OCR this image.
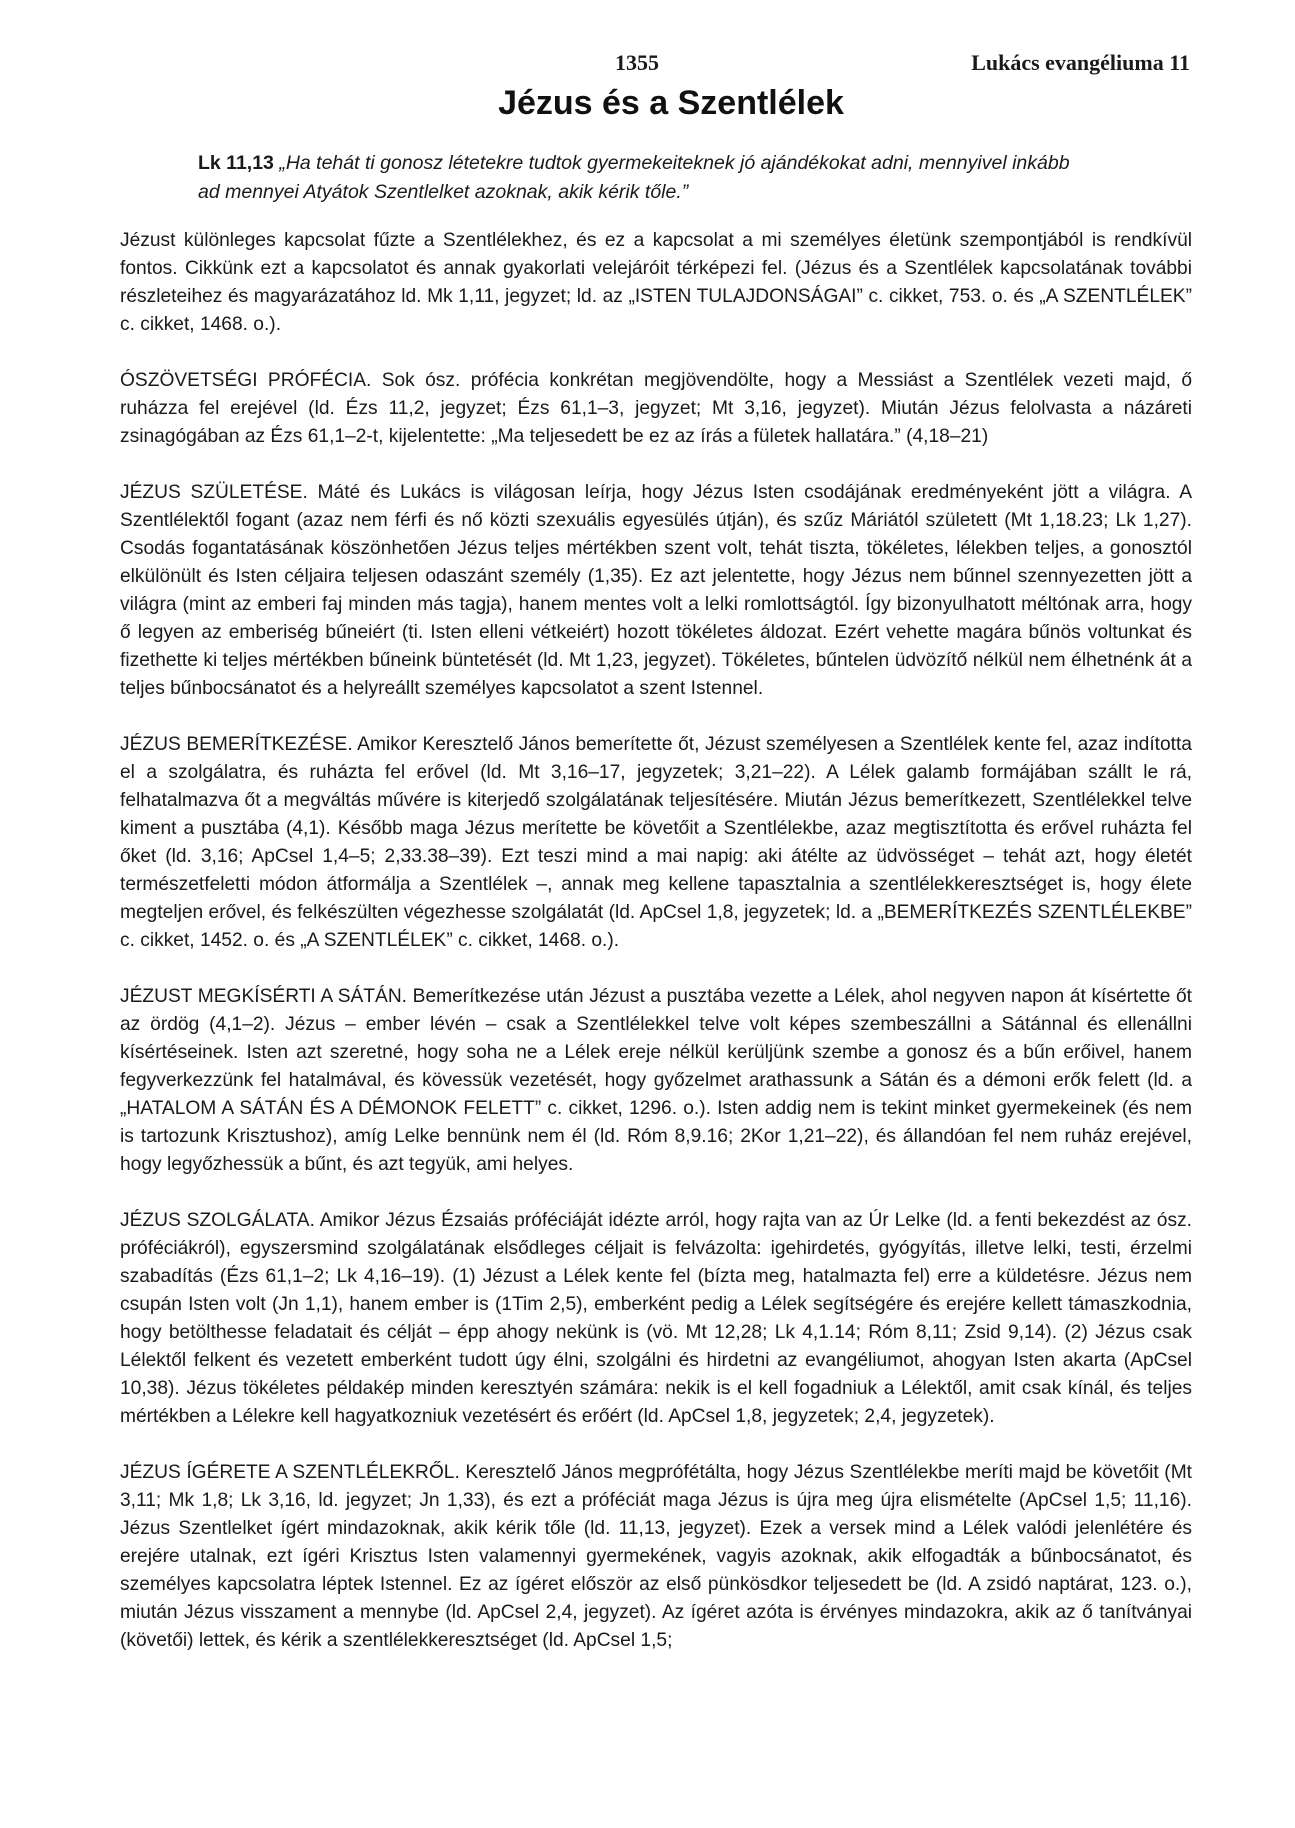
1355	Lukács evangéliuma 11
Jézus és a Szentlélek
Lk 11,13 „Ha tehát ti gonosz létetekre tudtok gyermekeiteknek jó ajándékokat adni, mennyivel inkább ad mennyei Atyátok Szentlelket azoknak, akik kérik tőle.”

Jézust különleges kapcsolat fűzte a Szentlélekhez, és ez a kapcsolat a mi személyes életünk szempontjából is rendkívül fontos. Cikkünk ezt a kapcsolatot és annak gyakorlati velejáróit térképezi fel. (Jézus és a Szentlélek kapcsolatának további részleteihez és magyarázatához ld. Mk 1,11, jegyzet; ld. az „ISTEN TULAJDONSÁGAI” c. cikket, 753. o. és „A SZENTLÉLEK” c. cikket, 1468. o.).

ÓSZÖVETSÉGI PRÓFÉCIA. Sok ósz. prófécia konkrétan megjövendölte, hogy a Messiást a Szentlélek vezeti majd, ő ruházza fel erejével (ld. Ézs 11,2, jegyzet; Ézs 61,1–3, jegyzet; Mt 3,16, jegyzet). Miután Jézus felolvasta a názáreti zsinagógában az Ézs 61,1–2-t, kijelentette: „Ma teljesedett be ez az írás a fületek hallatára.” (4,18–21)

JÉZUS SZÜLETÉSE. Máté és Lukács is világosan leírja, hogy Jézus Isten csodájának eredményeként jött a világra. A Szentlélektől fogant (azaz nem férfi és nő közti szexuális egyesülés útján), és szűz Máriától született (Mt 1,18.23; Lk 1,27). Csodás fogantatásának köszönhetően Jézus teljes mértékben szent volt, tehát tiszta, tökéletes, lélekben teljes, a gonosztól elkülönült és Isten céljaira teljesen odaszánt személy (1,35). Ez azt jelentette, hogy Jézus nem bűnnel szennyezetten jött a világra (mint az emberi faj minden más tagja), hanem mentes volt a lelki romlottságtól. Így bizonyulhatott méltónak arra, hogy ő legyen az emberiség bűneiért (ti. Isten elleni vétkeiért) hozott tökéletes áldozat. Ezért vehette magára bűnös voltunkat és fizethette ki teljes mértékben bűneink büntetését (ld. Mt 1,23, jegyzet). Tökéletes, bűntelen üdvözítő nélkül nem élhetnénk át a teljes bűnbocsánatot és a helyreállt személyes kapcsolatot a szent Istennel.

JÉZUS BEMERÍTKEZÉSE. Amikor Keresztelő János bemerítette őt, Jézust személyesen a Szentlélek kente fel, azaz indította el a szolgálatra, és ruházta fel erővel (ld. Mt 3,16–17, jegyzetek; 3,21–22). A Lélek galamb formájában szállt le rá, felhatalmazva őt a megváltás művére is kiterjedő szolgálatának teljesítésére. Miután Jézus bemerítkezett, Szentlélekkel telve kiment a pusztába (4,1). Később maga Jézus merítette be követőit a Szentlélekbe, azaz megtisztította és erővel ruházta fel őket (ld. 3,16; ApCsel 1,4–5; 2,33.38–39). Ezt teszi mind a mai napig: aki átélte az üdvösséget – tehát azt, hogy életét természetfeletti módon átformálja a Szentlélek –, annak meg kellene tapasztalnia a szentlélekkeresztséget is, hogy élete megteljen erővel, és felkészülten végezhesse szolgálatát (ld. ApCsel 1,8, jegyzetek; ld. a „BEMERÍTKEZÉS SZENTLÉLEKBE” c. cikket, 1452. o. és „A SZENTLÉLEK” c. cikket, 1468. o.).

JÉZUST MEGKÍSÉRTI A SÁTÁN. Bemerítkezése után Jézust a pusztába vezette a Lélek, ahol negyven napon át kísértette őt az ördög (4,1–2). Jézus – ember lévén – csak a Szentlélekkel telve volt képes szembeszállni a Sátánnal és ellenállni kísértéseinek. Isten azt szeretné, hogy soha ne a Lélek ereje nélkül kerüljünk szembe a gonosz és a bűn erőivel, hanem fegyverkezzünk fel hatalmával, és kövessük vezetését, hogy győzelmet arathassunk a Sátán és a démoni erők felett (ld. a „HATALOM A SÁTÁN ÉS A DÉMONOK FELETT” c. cikket, 1296. o.). Isten addig nem is tekint minket gyermekeinek (és nem is tartozunk Krisztushoz), amíg Lelke bennünk nem él (ld. Róm 8,9.16; 2Kor 1,21–22), és állandóan fel nem ruház erejével, hogy legyőzhessük a bűnt, és azt tegyük, ami helyes.

JÉZUS SZOLGÁLATA. Amikor Jézus Ézsaiás próféciáját idézte arról, hogy rajta van az Úr Lelke (ld. a fenti bekezdést az ósz. próféciákról), egyszersmind szolgálatának elsődleges céljait is felvázolta: igehirdetés, gyógyítás, illetve lelki, testi, érzelmi szabadítás (Ézs 61,1–2; Lk 4,16–19). (1) Jézust a Lélek kente fel (bízta meg, hatalmazta fel) erre a küldetésre. Jézus nem csupán Isten volt (Jn 1,1), hanem ember is (1Tim 2,5), emberként pedig a Lélek segítségére és erejére kellett támaszkodnia, hogy betölthesse feladatait és célját – épp ahogy nekünk is (vö. Mt 12,28; Lk 4,1.14; Róm 8,11; Zsid 9,14). (2) Jézus csak Lélektől felkent és vezetett emberként tudott úgy élni, szolgálni és hirdetni az evangéliumot, ahogyan Isten akarta (ApCsel 10,38). Jézus tökéletes példakép minden keresztyén számára: nekik is el kell fogadniuk a Lélektől, amit csak kínál, és teljes mértékben a Lélekre kell hagyatkozniuk vezetésért és erőért (ld. ApCsel 1,8, jegyzetek; 2,4, jegyzetek).

JÉZUS ÍGÉRETE A SZENTLÉLEKRŐL. Keresztelő János megprófétálta, hogy Jézus Szentlélekbe meríti majd be követőit (Mt 3,11; Mk 1,8; Lk 3,16, ld. jegyzet; Jn 1,33), és ezt a próféciát maga Jézus is újra meg újra elismételte (ApCsel 1,5; 11,16). Jézus Szentlelket ígért mindazoknak, akik kérik tőle (ld. 11,13, jegyzet). Ezek a versek mind a Lélek valódi jelenlétére és erejére utalnak, ezt ígéri Krisztus Isten valamennyi gyermekének, vagyis azoknak, akik elfogadták a bűnbocsánatot, és személyes kapcsolatra léptek Istennel. Ez az ígéret először az első pünkösdkor teljesedett be (ld. A zsidó naptárat, 123. o.), miután Jézus visszament a mennybe (ld. ApCsel 2,4, jegyzet). Az ígéret azóta is érvényes mindazokra, akik az ő tanítványai (követői) lettek, és kérik a szentlélekkeresztséget (ld. ApCsel 1,5;
